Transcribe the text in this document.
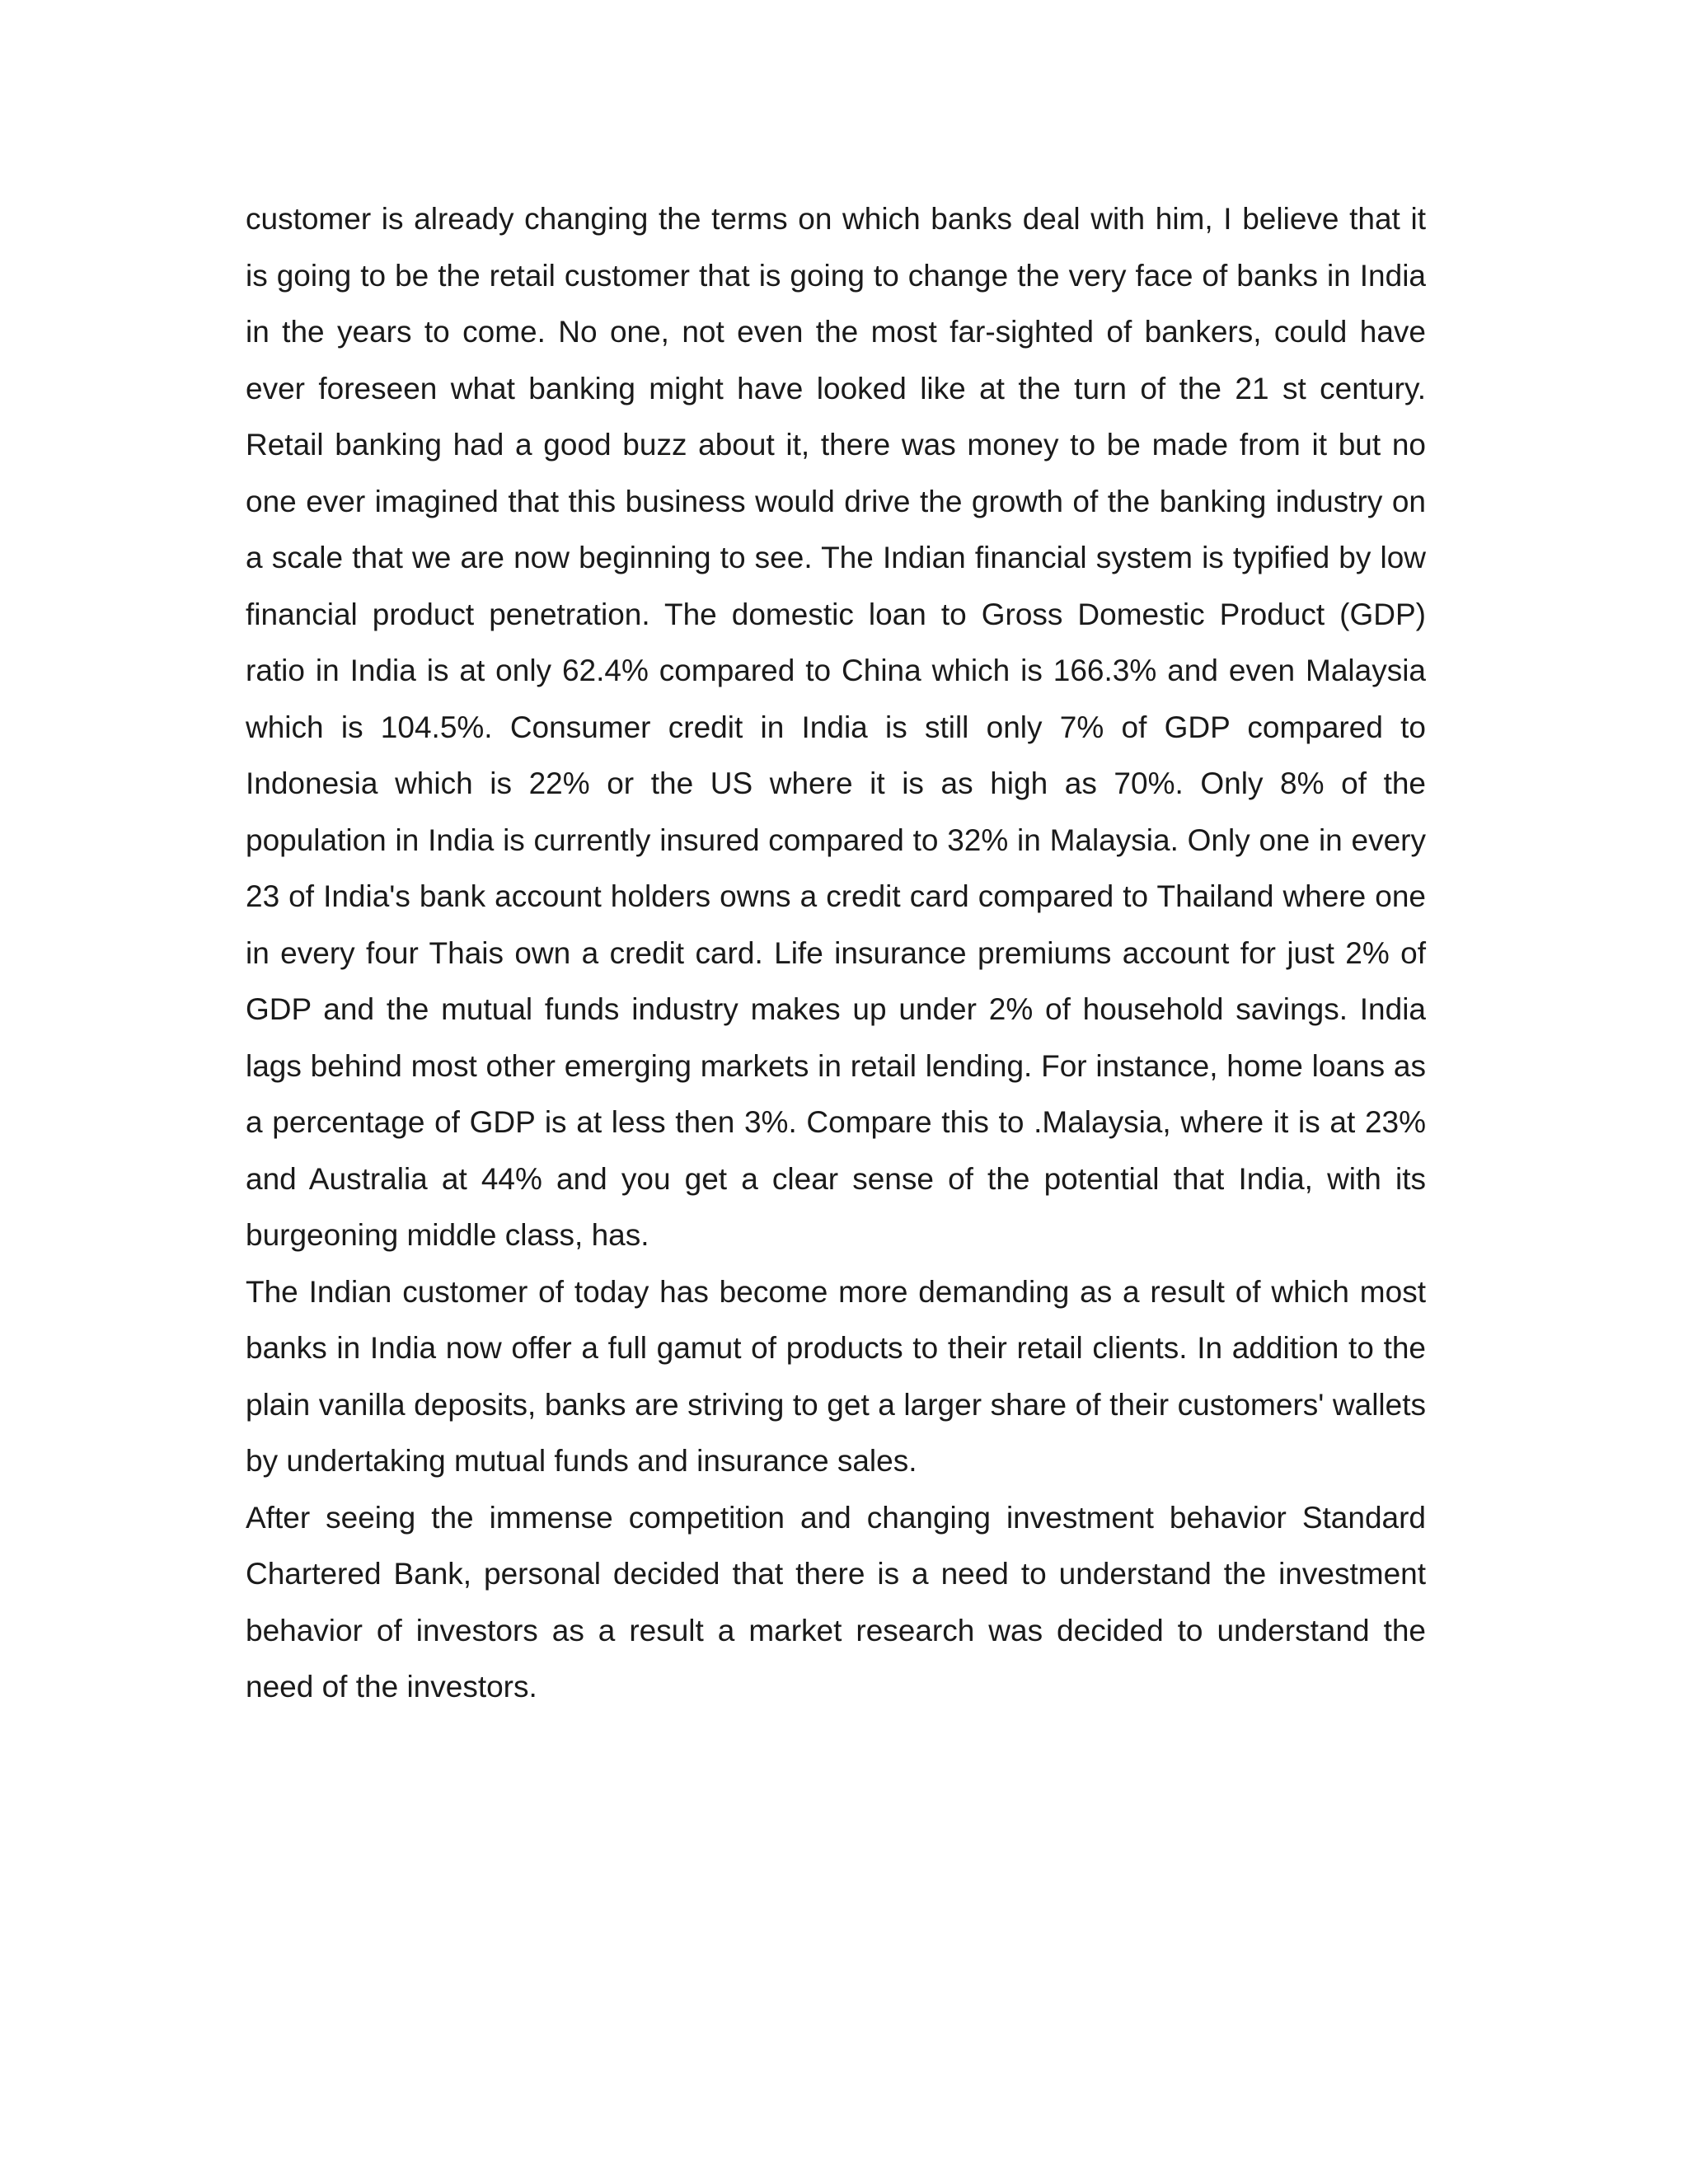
customer is already changing the terms on which banks deal with him, I believe that it is going to be the retail customer that is going to change the very face of banks in India in the years to come. No one, not even the most far-sighted of bankers, could have ever foreseen what banking might have looked like at the turn of the 21 st century. Retail banking had a good buzz about it, there was money to be made from it but no one ever imagined that this business would drive the growth of the banking industry on a scale that we are now beginning to see. The Indian financial system is typified by low financial product penetration. The domestic loan to Gross Domestic Product (GDP) ratio in India is at only 62.4% compared to China which is 166.3% and even Malaysia which is 104.5%. Consumer credit in India is still only 7% of GDP compared to Indonesia which is 22% or the US where it is as high as 70%. Only 8% of the population in India is currently insured compared to 32% in Malaysia. Only one in every 23 of India's bank account holders owns a credit card compared to Thailand where one in every four Thais own a credit card. Life insurance premiums account for just 2% of GDP and the mutual funds industry makes up under 2% of household savings. India lags behind most other emerging markets in retail lending. For instance, home loans as a percentage of GDP is at less then 3%. Compare this to .Malaysia, where it is at 23% and Australia at 44% and you get a clear sense of the potential that India, with its burgeoning middle class, has.

The Indian customer of today has become more demanding as a result of which most banks in India now offer a full gamut of products to their retail clients. In addition to the plain vanilla deposits, banks are striving to get a larger share of their customers' wallets by undertaking mutual funds and insurance sales.

After seeing the immense competition and changing investment behavior Standard Chartered Bank, personal decided that there is a need to understand the investment behavior of investors as a result a market research was decided to understand the need of the investors.
